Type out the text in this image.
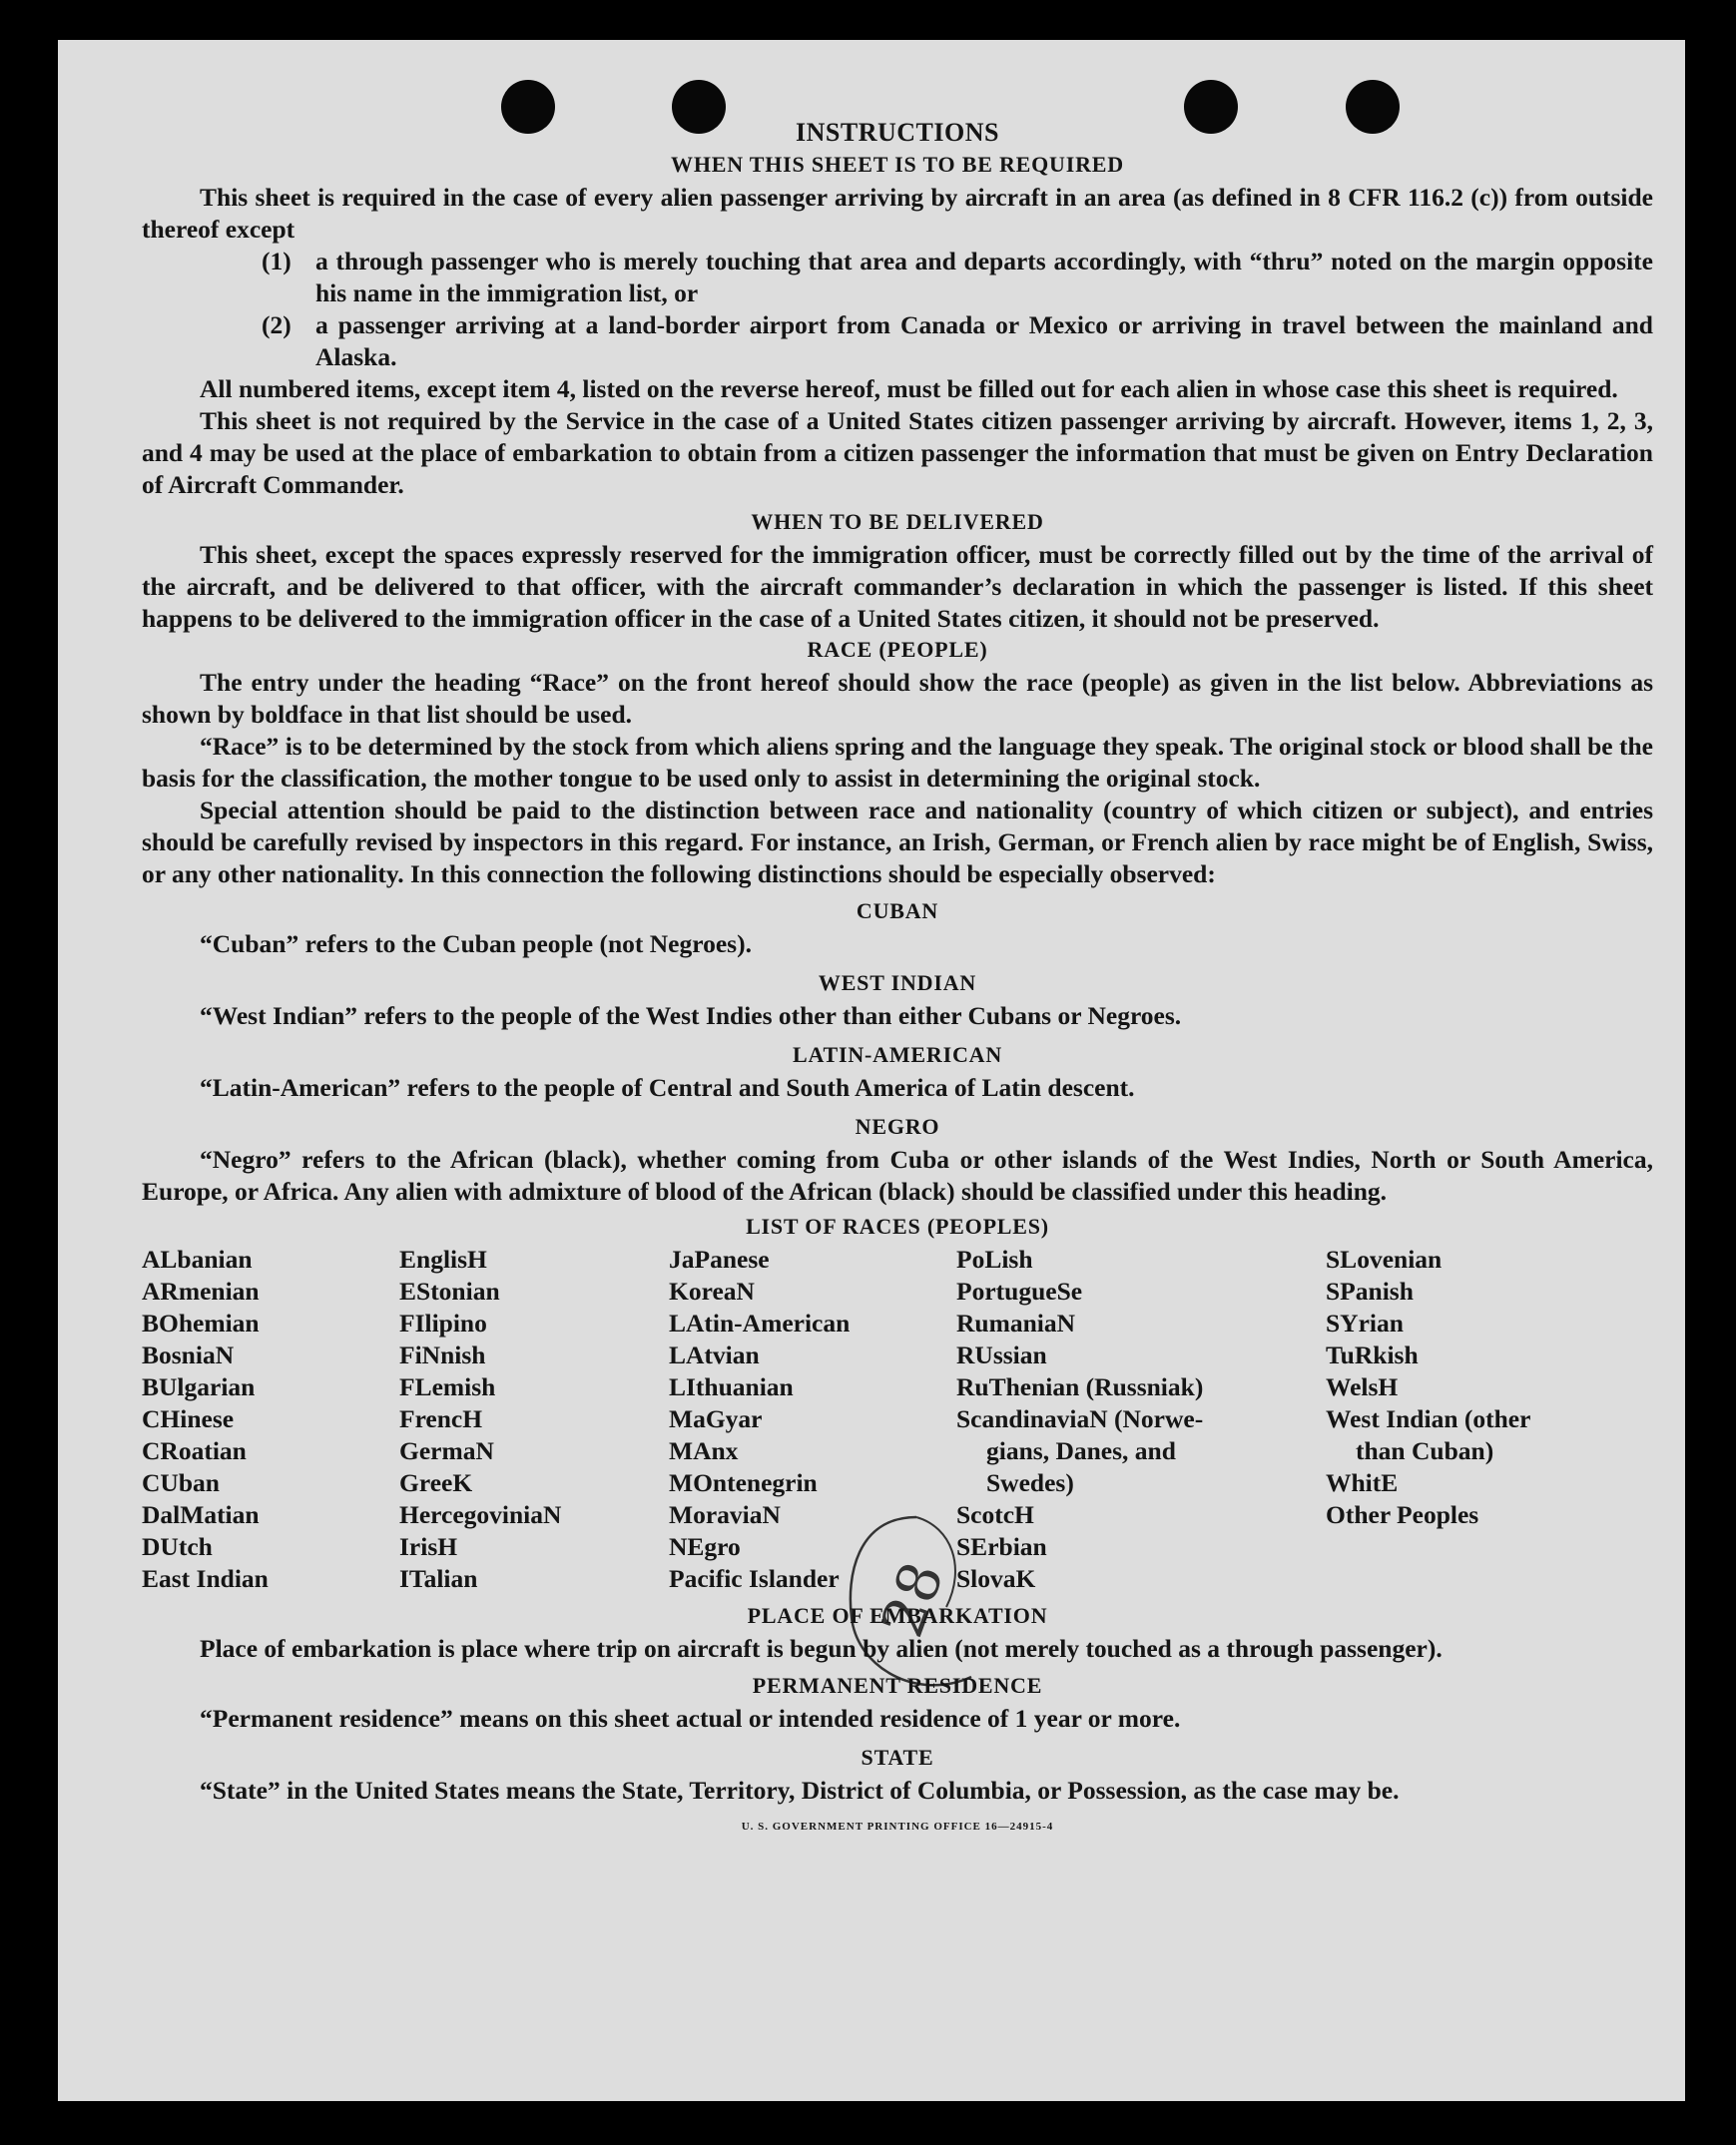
28
INSTRUCTIONS
WHEN THIS SHEET IS TO BE REQUIRED

This sheet is required in the case of every alien passenger arriving by aircraft in an area (as defined in 8 CFR 116.2 (c)) from outside thereof except

(1) a through passenger who is merely touching that area and departs accordingly, with “thru” noted on the margin opposite his name in the immigration list, or
(2) a passenger arriving at a land-border airport from Canada or Mexico or arriving in travel between the mainland and Alaska.

All numbered items, except item 4, listed on the reverse hereof, must be filled out for each alien in whose case this sheet is required.

This sheet is not required by the Service in the case of a United States citizen passenger arriving by aircraft. However, items 1, 2, 3, and 4 may be used at the place of embarkation to obtain from a citizen passenger the information that must be given on Entry Declaration of Aircraft Commander.

WHEN TO BE DELIVERED

This sheet, except the spaces expressly reserved for the immigration officer, must be correctly filled out by the time of the arrival of the aircraft, and be delivered to that officer, with the aircraft commander’s declaration in which the passenger is listed. If this sheet happens to be delivered to the immigration officer in the case of a United States citizen, it should not be preserved.

RACE (PEOPLE)

The entry under the heading “Race” on the front hereof should show the race (people) as given in the list below. Abbreviations as shown by boldface in that list should be used.

“Race” is to be determined by the stock from which aliens spring and the language they speak. The original stock or blood shall be the basis for the classification, the mother tongue to be used only to assist in determining the original stock.

Special attention should be paid to the distinction between race and nationality (country of which citizen or subject), and entries should be carefully revised by inspectors in this regard. For instance, an Irish, German, or French alien by race might be of English, Swiss, or any other nationality. In this connection the following distinctions should be especially observed:

CUBAN

“Cuban” refers to the Cuban people (not Negroes).

WEST INDIAN

“West Indian” refers to the people of the West Indies other than either Cubans or Negroes.

LATIN-AMERICAN

“Latin-American” refers to the people of Central and South America of Latin descent.

NEGRO

“Negro” refers to the African (black), whether coming from Cuba or other islands of the West Indies, North or South America, Europe, or Africa. Any alien with admixture of blood of the African (black) should be classified under this heading.

LIST OF RACES (PEOPLES)
ALbanian
ARmenian
BOhemian
BosniaN
BUlgarian
CHinese
CRoatian
CUban
DalMatian
DUtch
East Indian
EnglisH
EStonian
FIlipino
FiNnish
FLemish
FrencH
GermaN
GreeK
HercegoviniaN
IrisH
ITalian
JaPanese
KoreaN
LAtin-American
LAtvian
LIthuanian
MaGyar
MAnx
MOntenegrin
MoraviaN
NEgro
Pacific Islander
PoLish
PortugueSe
RumaniaN
RUssian
RuThenian (Russniak)
ScandinaviaN (Norwe-
gians, Danes, and
Swedes)
ScotcH
SErbian
SlovaK
SLovenian
SPanish
SYrian
TuRkish
WelsH
West Indian (other
than Cuban)
WhitE
Other Peoples
PLACE OF EMBARKATION

Place of embarkation is place where trip on aircraft is begun by alien (not merely touched as a through passenger).

PERMANENT RESIDENCE

“Permanent residence” means on this sheet actual or intended residence of 1 year or more.

STATE

“State” in the United States means the State, Territory, District of Columbia, or Possession, as the case may be.

U. S. GOVERNMENT PRINTING OFFICE 16—24915-4
